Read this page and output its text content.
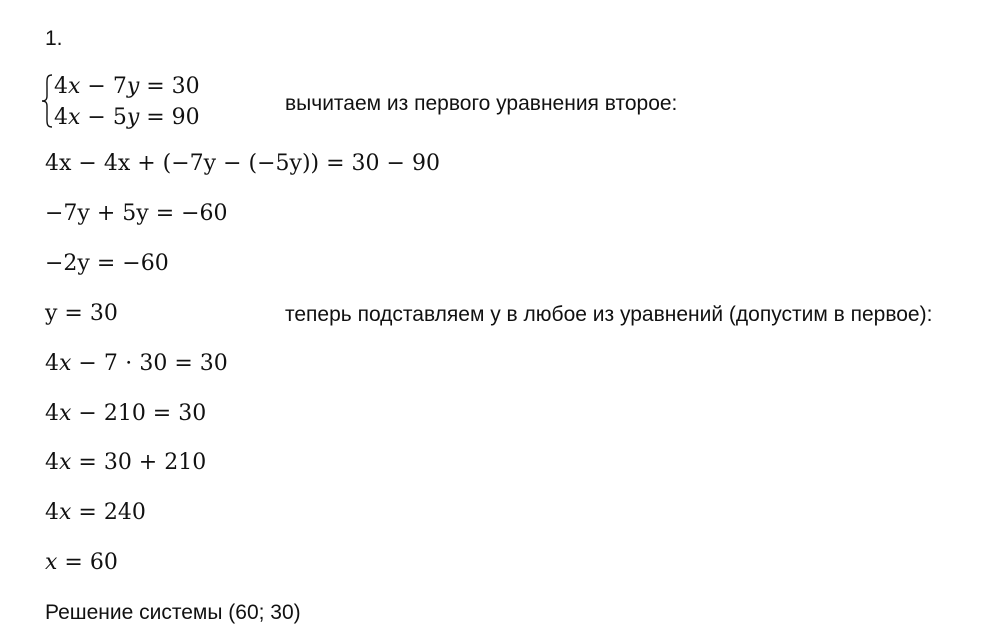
1.
4𝑥 − 7𝑦 = 30
4𝑥 − 5𝑦 = 90
вычитаем из первого уравнения второе:
4x − 4x + (−7y − (−5y)) = 30 − 90
−7y + 5y = −60
−2y = −60
y = 30	теперь подставляем y в любое из уравнений (допустим в первое):
4𝑥 − 7 ⋅ 30 = 30
4𝑥 − 210 = 30
4𝑥 = 30 + 210
4𝑥 = 240
𝑥 = 60
Решение системы (60; 30)
